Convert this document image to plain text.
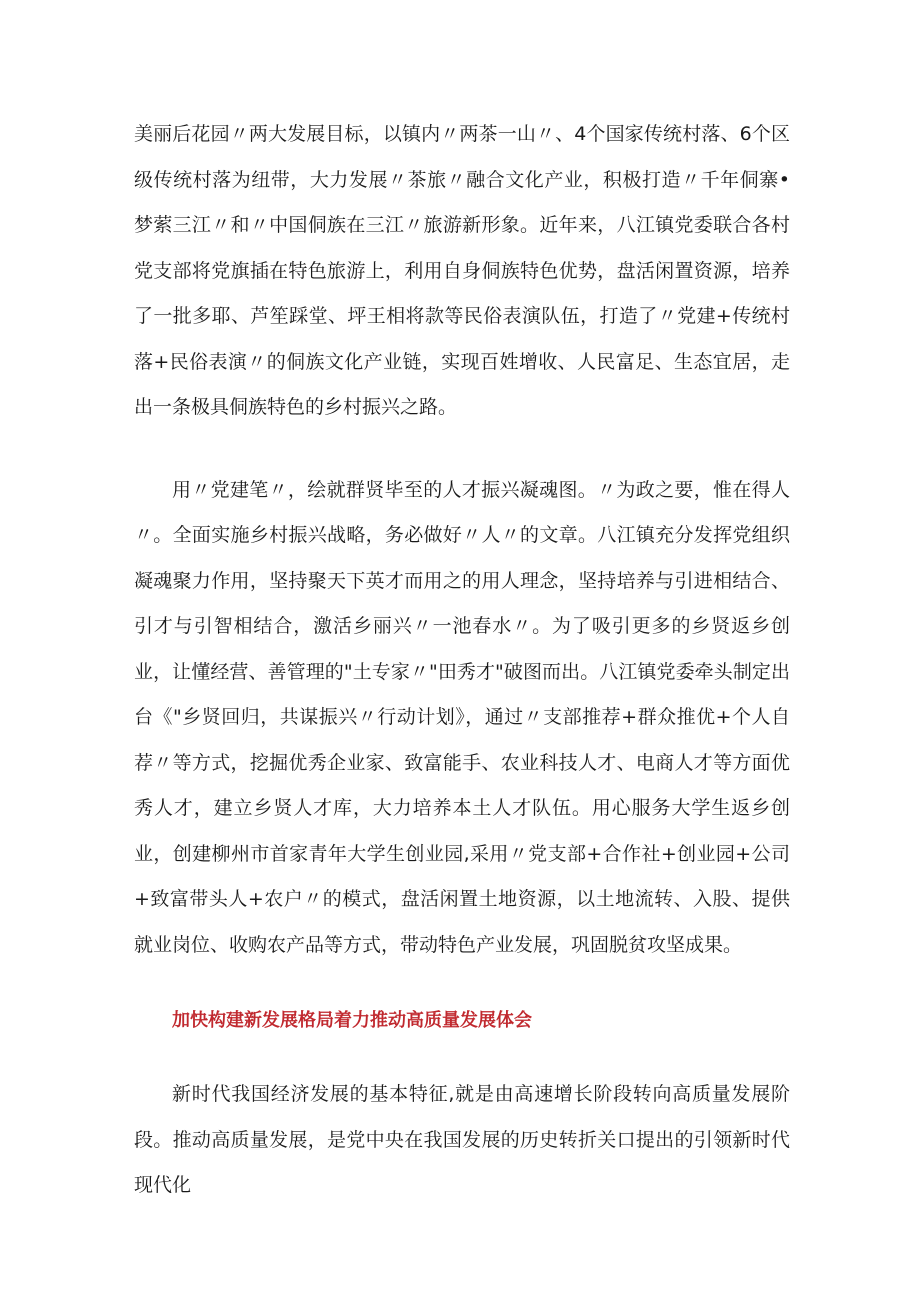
美丽后花园〃两大发展目标，以镇内〃两茶一山〃、4个国家传统村落、6个区级传统村落为纽带，大力发展〃茶旅〃融合文化产业，积极打造〃千年侗寨•梦萦三江〃和〃中国侗族在三江〃旅游新形象。近年来，八江镇党委联合各村党支部将党旗插在特色旅游上，利用自身侗族特色优势，盘活闲置资源，培养了一批多耶、芦笙踩堂、坪王相将款等民俗表演队伍，打造了〃党建+传统村落+民俗表演〃的侗族文化产业链，实现百姓增收、人民富足、生态宜居，走出一条极具侗族特色的乡村振兴之路。

用〃党建笔〃，绘就群贤毕至的人才振兴凝魂图。〃为政之要，惟在得人〃。全面实施乡村振兴战略，务必做好〃人〃的文章。八江镇充分发挥党组织凝魂聚力作用，坚持聚天下英才而用之的用人理念，坚持培养与引进相结合、引才与引智相结合，激活乡丽兴〃一池春水〃。为了吸引更多的乡贤返乡创业，让懂经营、善管理的"土专家〃"田秀才"破图而出。八江镇党委牵头制定出台《"乡贤回归，共谋振兴〃行动计划》，通过〃支部推荐+群众推优+个人自荐〃等方式，挖掘优秀企业家、致富能手、农业科技人才、电商人才等方面优秀人才，建立乡贤人才库，大力培养本土人才队伍。用心服务大学生返乡创业，创建柳州市首家青年大学生创业园,采用〃党支部+合作社+创业园+公司+致富带头人+农户〃的模式，盘活闲置土地资源，以土地流转、入股、提供就业岗位、收购农产品等方式，带动特色产业发展，巩固脱贫攻坚成果。

加快构建新发展格局着力推动高质量发展体会

新时代我国经济发展的基本特征,就是由高速增长阶段转向高质量发展阶段。推动高质量发展，是党中央在我国发展的历史转折关口提出的引领新时代现代化
